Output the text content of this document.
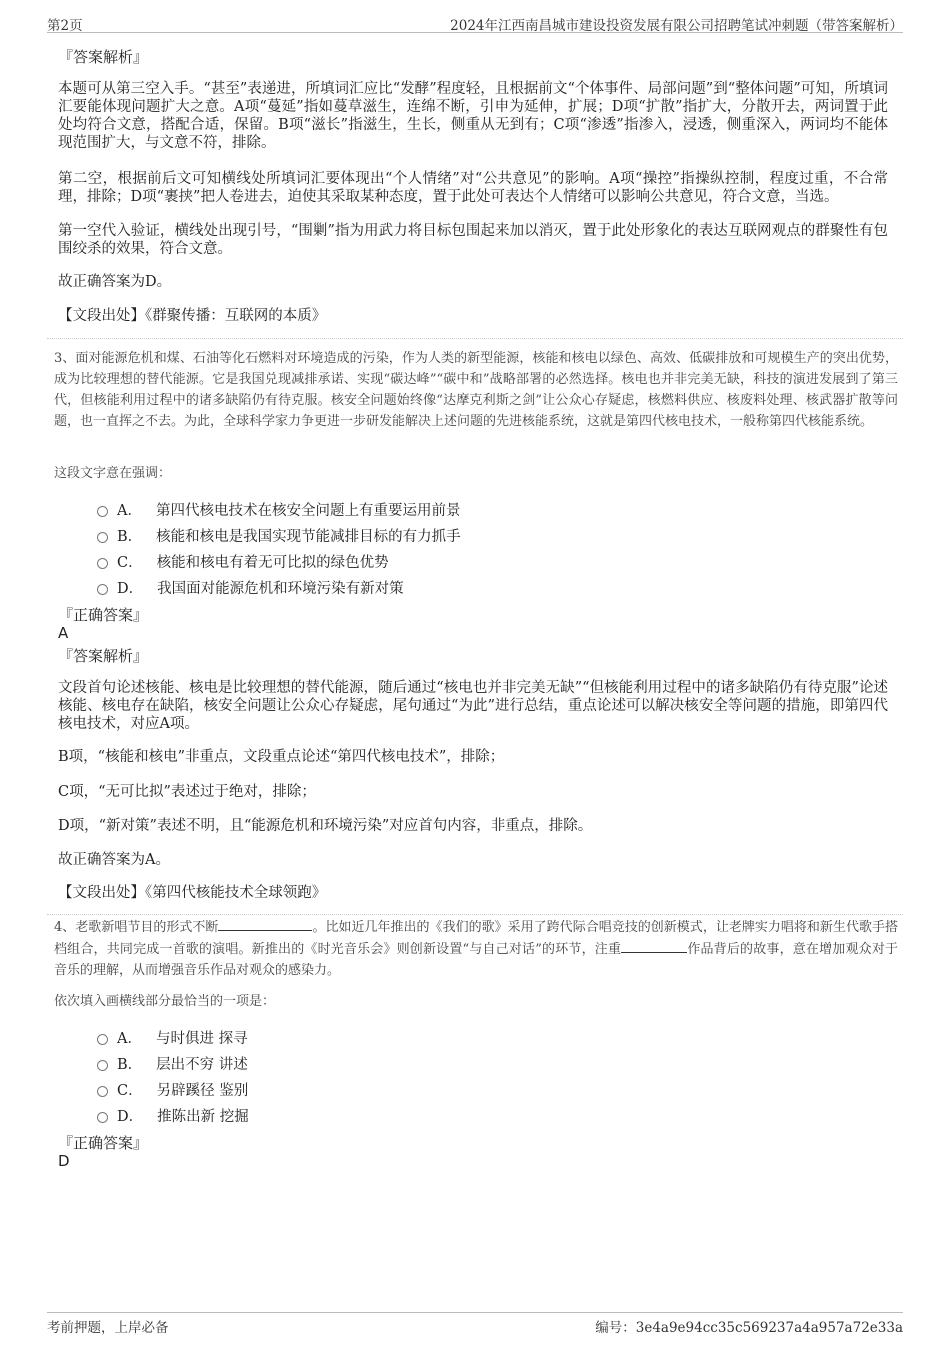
第2页	2024年江西南昌城市建设投资发展有限公司招聘笔试冲刺题（带答案解析）
『答案解析』

本题可从第三空入手。“甚至”表递进，所填词汇应比“发酵”程度轻，且根据前文“个体事件、局部问题”到“整体问题”可知，所填词汇要能体现问题扩大之意。A项“蔓延”指如蔓草滋生，连绵不断，引申为延伸，扩展；D项“扩散”指扩大，分散开去，两词置于此处均符合文意，搭配合适，保留。B项“滋长”指滋生，生长，侧重从无到有；C项“渗透”指渗入，浸透，侧重深入，两词均不能体现范围扩大，与文意不符，排除。

第二空，根据前后文可知横线处所填词汇要体现出“个人情绪”对“公共意见”的影响。A项“操控”指操纵控制，程度过重，不合常理，排除；D项“裹挟”把人卷进去，迫使其采取某种态度，置于此处可表达个人情绪可以影响公共意见，符合文意，当选。

第一空代入验证，横线处出现引号，“围剿”指为用武力将目标包围起来加以消灭，置于此处形象化的表达互联网观点的群聚性有包围绞杀的效果，符合文意。

故正确答案为D。
【文段出处】《群聚传播：互联网的本质》

3、面对能源危机和煤、石油等化石燃料对环境造成的污染，作为人类的新型能源，核能和核电以绿色、高效、低碳排放和可规模生产的突出优势，成为比较理想的替代能源。它是我国兑现减排承诺、实现“碳达峰”“碳中和”战略部署的必然选择。核电也并非完美无缺，科技的演进发展到了第三代，但核能利用过程中的诸多缺陷仍有待克服。核安全问题始终像“达摩克利斯之剑”让公众心存疑虑，核燃料供应、核废料处理、核武器扩散等问题，也一直挥之不去。为此，全球科学家力争更进一步研发能解决上述问题的先进核能系统，这就是第四代核电技术，一般称第四代核能系统。

这段文字意在强调：
A． 第四代核电技术在核安全问题上有重要运用前景
B． 核能和核电是我国实现节能减排目标的有力抓手
C． 核能和核电有着无可比拟的绿色优势
D． 我国面对能源危机和环境污染有新对策
『正确答案』
A
『答案解析』

文段首句论述核能、核电是比较理想的替代能源，随后通过“核电也并非完美无缺”“但核能利用过程中的诸多缺陷仍有待克服”论述核能、核电存在缺陷，核安全问题让公众心存疑虑，尾句通过“为此”进行总结，重点论述可以解决核安全等问题的措施，即第四代核电技术，对应A项。

B项，“核能和核电”非重点，文段重点论述“第四代核电技术”，排除；
C项，“无可比拟”表述过于绝对，排除；
D项，“新对策”表述不明，且“能源危机和环境污染”对应首句内容，非重点，排除。
故正确答案为A。
【文段出处】《第四代核能技术全球领跑》

4、老歌新唱节目的形式不断	。比如近几年推出的《我们的歌》采用了跨代际合唱竞技的创新模式，让老牌实力唱将和新生代歌手搭档组合，共同完成一首歌的演唱。新推出的《时光音乐会》则创新设置“与自己对话”的环节，注重	作品背后的故事，意在增加观众对于音乐的理解，从而增强音乐作品对观众的感染力。

依次填入画横线部分最恰当的一项是：
A． 与时俱进 探寻
B． 层出不穷 讲述
C． 另辟蹊径 鉴别
D． 推陈出新 挖掘
『正确答案』
D
考前押题，上岸必备	编号：3e4a9e94cc35c569237a4a957a72e33a
